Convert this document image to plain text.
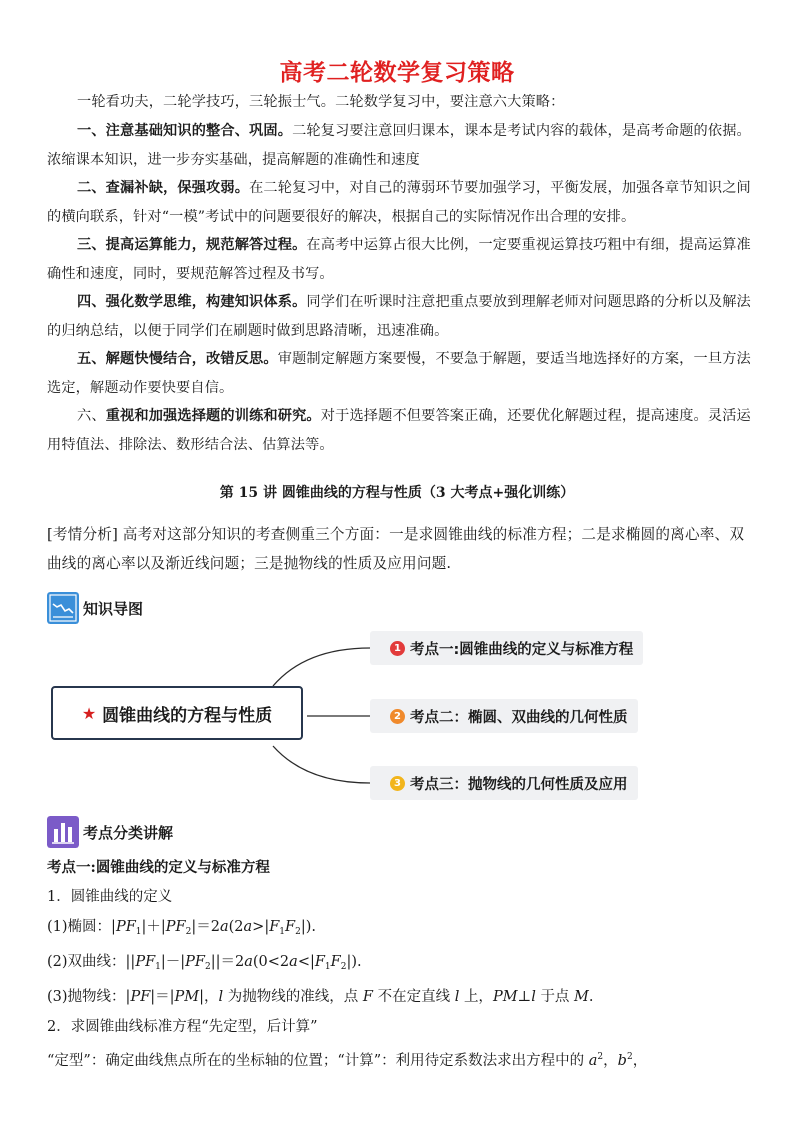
高考二轮数学复习策略
一轮看功夫，二轮学技巧，三轮振士气。二轮数学复习中，要注意六大策略：
一、注意基础知识的整合、巩固。二轮复习要注意回归课本，课本是考试内容的载体，是高考命题的依据。浓缩课本知识，进一步夯实基础，提高解题的准确性和速度
二、查漏补缺，保强攻弱。在二轮复习中，对自己的薄弱环节要加强学习，平衡发展，加强各章节知识之间的横向联系，针对“一模”考试中的问题要很好的解决，根据自己的实际情况作出合理的安排。
三、提高运算能力，规范解答过程。在高考中运算占很大比例，一定要重视运算技巧粗中有细，提高运算准确性和速度，同时，要规范解答过程及书写。
四、强化数学思维，构建知识体系。同学们在听课时注意把重点要放到理解老师对问题思路的分析以及解法的归纳总结，以便于同学们在刷题时做到思路清晰，迅速准确。
五、解题快慢结合，改错反思。审题制定解题方案要慢，不要急于解题，要适当地选择好的方案，一旦方法选定，解题动作要快要自信。
六、重视和加强选择题的训练和研究。对于选择题不但要答案正确，还要优化解题过程，提高速度。灵活运用特值法、排除法、数形结合法、估算法等。
第 15 讲 圆锥曲线的方程与性质（3 大考点+强化训练）
[考情分析] 高考对这部分知识的考查侧重三个方面：一是求圆锥曲线的标准方程；二是求椭圆的离心率、双曲线的离心率以及渐近线问题；三是抛物线的性质及应用问题.
知识导图
★ 圆锥曲线的方程与性质
1 考点一:圆锥曲线的定义与标准方程
2 考点二：椭圆、双曲线的几何性质
3 考点三：抛物线的几何性质及应用
考点分类讲解
考点一:圆锥曲线的定义与标准方程
1．圆锥曲线的定义
(1)椭圆：$|PF_1|+|PF_2|=2a(2a>|F_1F_2|)$.
(2)双曲线：$||PF_1|-|PF_2||=2a(0<2a<|F_1F_2|)$.
(3)抛物线：|PF|＝|PM|，l 为抛物线的准线，点 F 不在定直线 l 上，PM⊥l 于点 M.
2．求圆锥曲线标准方程“先定型，后计算”
“定型”：确定曲线焦点所在的坐标轴的位置；“计算”：利用待定系数法求出方程中的 $a^2$，$b^2$，
